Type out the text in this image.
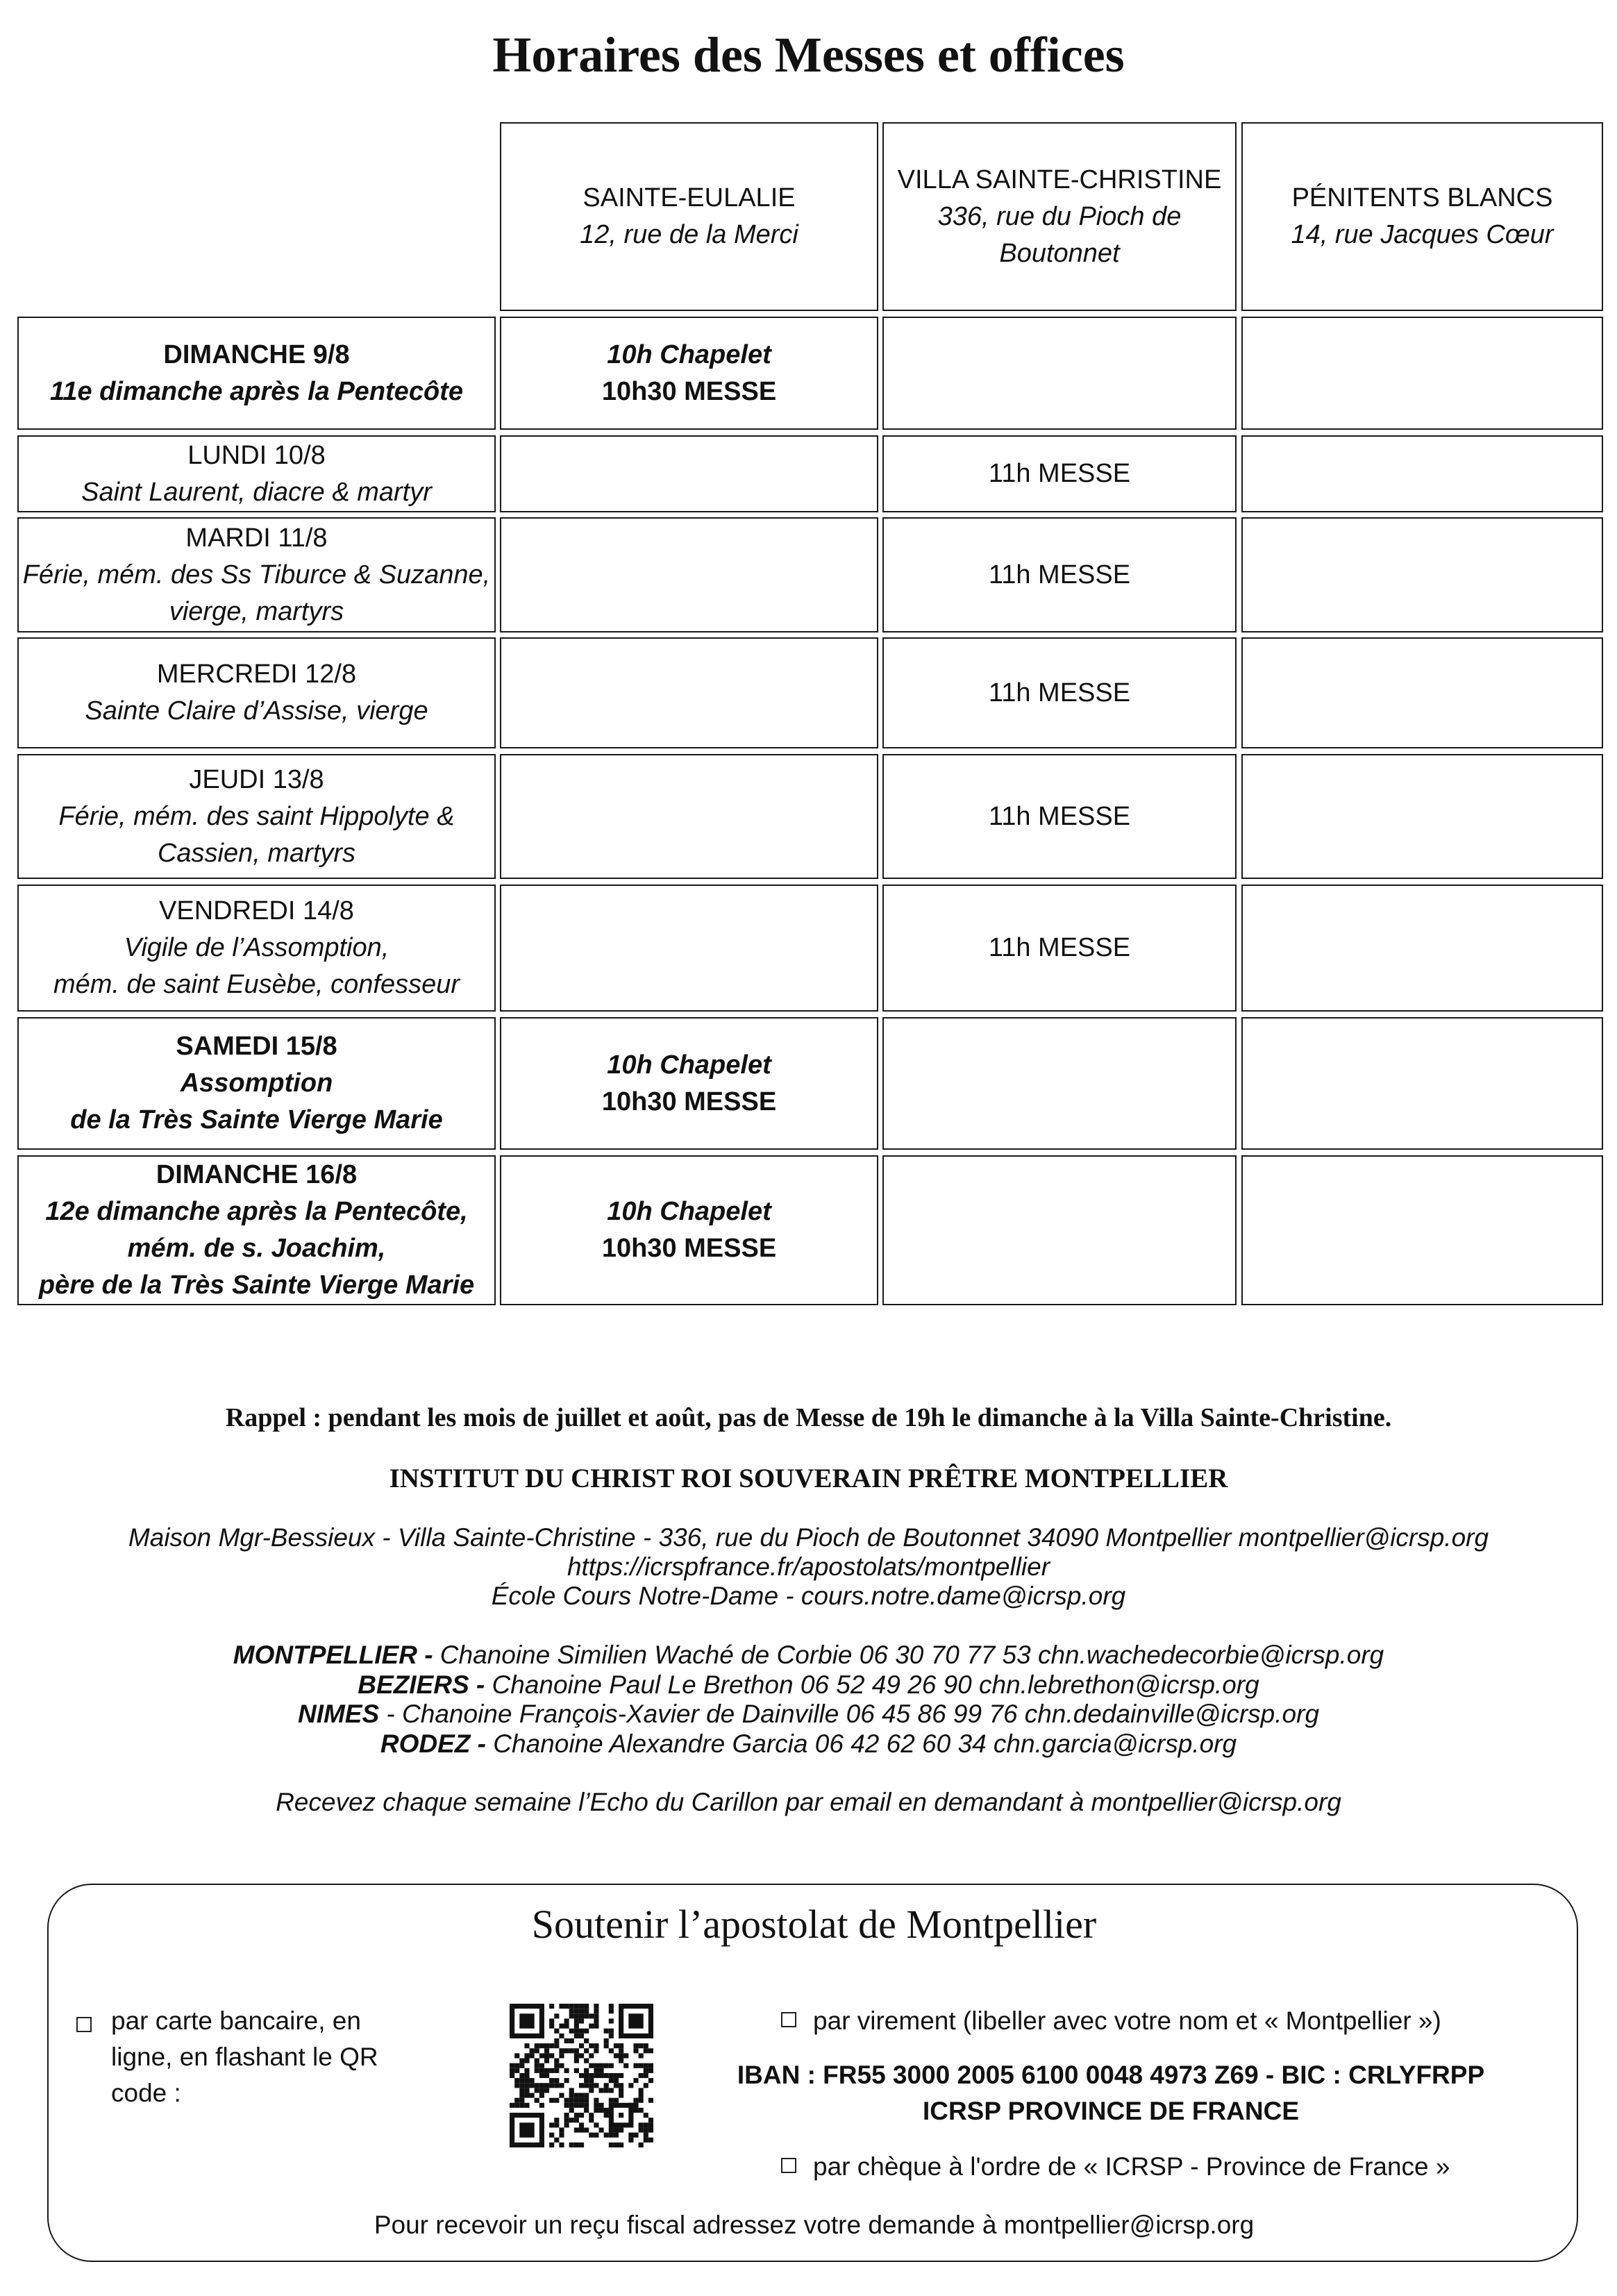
Horaires des Messes et offices
SAINTE-EULALIE
12, rue de la Merci
VILLA SAINTE-CHRISTINE
336, rue du Pioch de
Boutonnet
PÉNITENTS BLANCS
14, rue Jacques Cœur
DIMANCHE 9/8
11e dimanche après la Pentecôte
10h Chapelet
10h30 MESSE
LUNDI 10/8
Saint Laurent, diacre & martyr
11h MESSE
MARDI 11/8
Férie, mém. des Ss Tiburce & Suzanne,
vierge, martyrs
11h MESSE
MERCREDI 12/8
Sainte Claire d’Assise, vierge
11h MESSE
JEUDI 13/8
Férie, mém. des saint Hippolyte &
Cassien, martyrs
11h MESSE
VENDREDI 14/8
Vigile de l’Assomption,
mém. de saint Eusèbe, confesseur
11h MESSE
SAMEDI 15/8
Assomption
de la Très Sainte Vierge Marie
10h Chapelet
10h30 MESSE
DIMANCHE 16/8
12e dimanche après la Pentecôte,
mém. de s. Joachim,
père de la Très Sainte Vierge Marie
10h Chapelet
10h30 MESSE
Rappel : pendant les mois de juillet et août, pas de Messe de 19h le dimanche à la Villa Sainte-Christine.
INSTITUT DU CHRIST ROI SOUVERAIN PRÊTRE MONTPELLIER
Maison Mgr-Bessieux - Villa Sainte-Christine - 336, rue du Pioch de Boutonnet 34090 Montpellier montpellier@icrsp.org
https://icrspfrance.fr/apostolats/montpellier
École Cours Notre-Dame - cours.notre.dame@icrsp.org
MONTPELLIER - Chanoine Similien Waché de Corbie 06 30 70 77 53 chn.wachedecorbie@icrsp.org
BEZIERS - Chanoine Paul Le Brethon 06 52 49 26 90 chn.lebrethon@icrsp.org
NIMES - Chanoine François-Xavier de Dainville 06 45 86 99 76 chn.dedainville@icrsp.org
RODEZ - Chanoine Alexandre Garcia 06 42 62 60 34 chn.garcia@icrsp.org
Recevez chaque semaine l’Echo du Carillon par email en demandant à montpellier@icrsp.org
Soutenir l’apostolat de Montpellier
par carte bancaire, en
ligne, en flashant le QR
code :
par virement (libeller avec votre nom et « Montpellier »)
IBAN : FR55 3000 2005 6100 0048 4973 Z69 - BIC : CRLYFRPP
ICRSP PROVINCE DE FRANCE
par chèque à l'ordre de « ICRSP - Province de France »
Pour recevoir un reçu fiscal adressez votre demande à montpellier@icrsp.org
